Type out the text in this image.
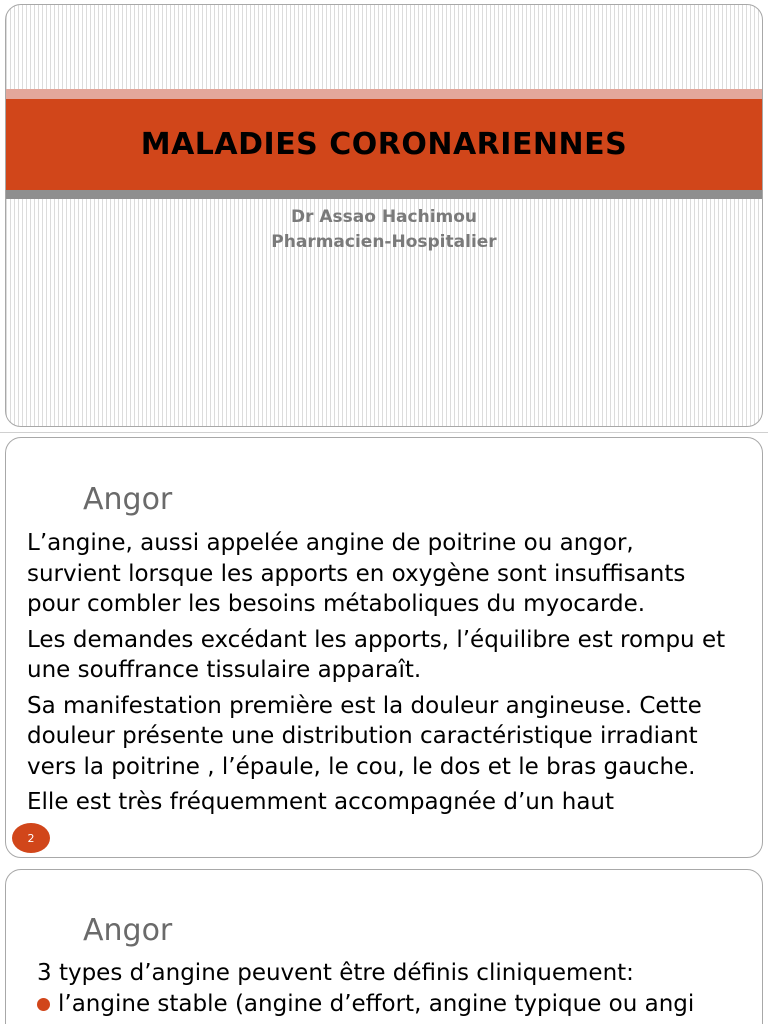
MALADIES CORONARIENNES
Dr Assao Hachimou
Pharmacien-Hospitalier
Angor

L’angine, aussi appelée angine de poitrine ou angor, survient lorsque les apports en oxygène sont insuffisants pour combler les besoins métaboliques du myocarde.

Les demandes excédant les apports, l’équilibre est rompu et une souffrance tissulaire apparaît.

Sa manifestation première est la douleur angineuse. Cette douleur présente une distribution caractéristique irradiant vers la poitrine , l’épaule, le cou, le dos et le bras gauche.

Elle est très fréquemment accompagnée d’un haut

2
Angor
3 types d’angine peuvent être définis cliniquement:
l’angine stable (angine d’effort, angine typique ou angi
